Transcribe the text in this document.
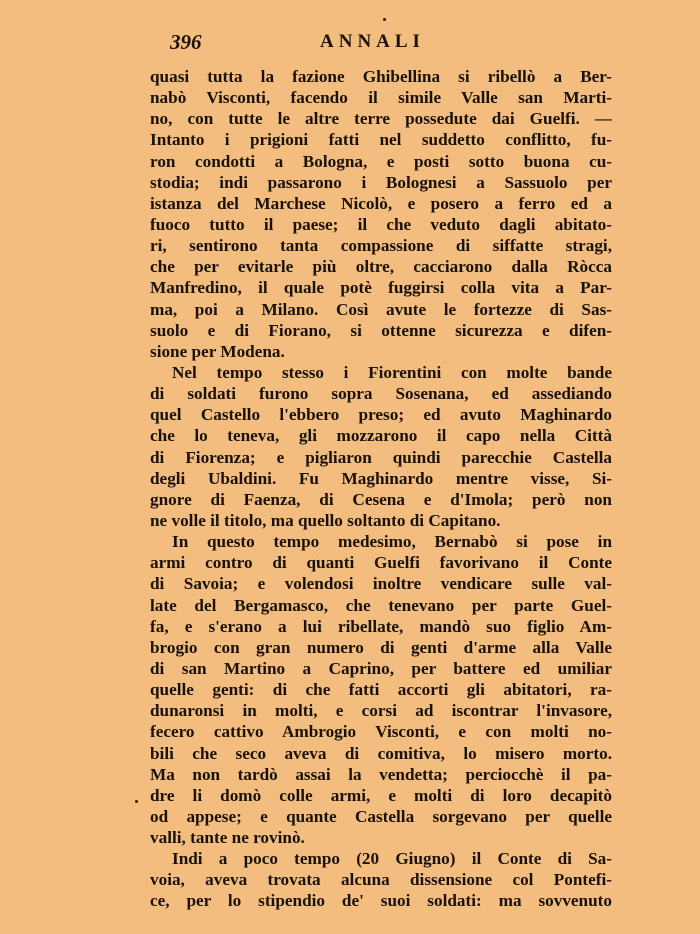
396	ANNALI
quasi tutta la fazione Ghibellina si ribellò a Ber-
nabò Visconti, facendo il simile Valle san Marti-
no, con tutte le altre terre possedute dai Guelfi. —
Intanto i prigioni fatti nel suddetto conflitto, fu-
ron condotti a Bologna, e posti sotto buona cu-
stodia; indi passarono i Bolognesi a Sassuolo per
istanza del Marchese Nicolò, e posero a ferro ed a
fuoco tutto il paese; il che veduto dagli abitato-
ri, sentirono tanta compassione di siffatte stragi,
che per evitarle più oltre, cacciarono dalla Ròcca
Manfredino, il quale potè fuggirsi colla vita a Par-
ma, poi a Milano. Così avute le fortezze di Sas-
suolo e di Fiorano, si ottenne sicurezza e difen-
sione per Modena.
Nel tempo stesso i Fiorentini con molte bande
di soldati furono sopra Sosenana, ed assediando
quel Castello l'ebbero preso; ed avuto Maghinardo
che lo teneva, gli mozzarono il capo nella Città
di Fiorenza; e pigliaron quindi parecchie Castella
degli Ubaldini. Fu Maghinardo mentre visse, Si-
gnore di Faenza, di Cesena e d'Imola; però non
ne volle il titolo, ma quello soltanto di Capitano.
In questo tempo medesimo, Bernabò si pose in
armi contro di quanti Guelfi favorivano il Conte
di Savoia; e volendosi inoltre vendicare sulle val-
late del Bergamasco, che tenevano per parte Guel-
fa, e s'erano a lui ribellate, mandò suo figlio Am-
brogio con gran numero di genti d'arme alla Valle
di san Martino a Caprino, per battere ed umiliar
quelle genti: di che fatti accorti gli abitatori, ra-
dunaronsi in molti, e corsi ad iscontrar l'invasore,
fecero cattivo Ambrogio Visconti, e con molti no-
bili che seco aveva di comitiva, lo misero morto.
Ma non tardò assai la vendetta; perciocchè il pa-
dre li domò colle armi, e molti di loro decapitò
od appese; e quante Castella sorgevano per quelle
valli, tante ne rovinò.
Indi a poco tempo (20 Giugno) il Conte di Sa-
voia, aveva trovata alcuna dissensione col Pontefi-
ce, per lo stipendio de' suoi soldati: ma sovvenuto
